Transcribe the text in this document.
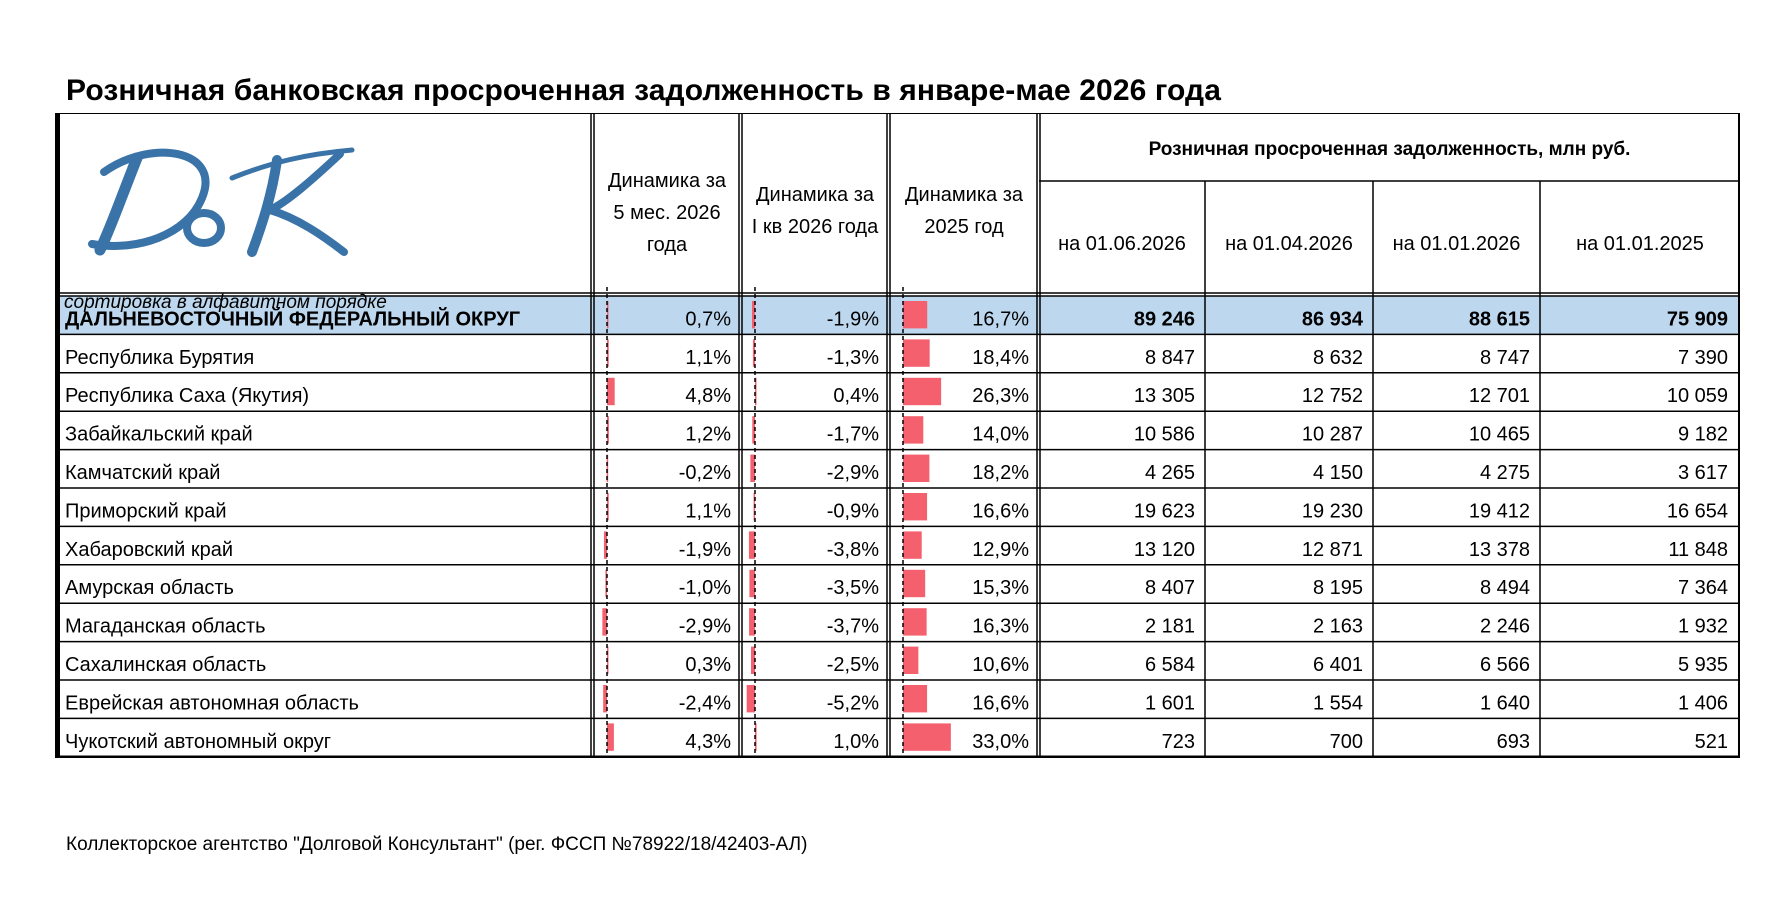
Розничная банковская просроченная задолженность в январе-мае 2026 года
Динамика за
5 мес. 2026
года
Динамика за
I кв 2026 года
Динамика за
2025 год
Розничная просроченная задолженность, млн руб.
на 01.06.2026 на 01.04.2026 на 01.01.2026	на 01.01.2025
ДАЛЬНЕВОСТОЧНЫЙ ФЕДЕРАЛЬНЫЙ ОКРУГ	0,7%	-1,9%	16,7%	89 246	86 934	88 615	75 909
Республика Бурятия	1,1%	-1,3%	18,4%	8 847	8 632	8 747	7 390
Республика Саха (Якутия)	4,8%	0,4%	26,3%	13 305	12 752	12 701	10 059
Забайкальский край	1,2%	-1,7%	14,0%	10 586	10 287	10 465	9 182
Камчатский край	-0,2%	-2,9%	18,2%	4 265	4 150	4 275	3 617
Приморский край	1,1%	-0,9%	16,6%	19 623	19 230	19 412	16 654
Хабаровский край	-1,9%	-3,8%	12,9%	13 120	12 871	13 378	11 848
Амурская область	-1,0%	-3,5%	15,3%	8 407	8 195	8 494	7 364
Магаданская область	-2,9%	-3,7%	16,3%	2 181	2 163	2 246	1 932
Сахалинская область	0,3%	-2,5%	10,6%	6 584	6 401	6 566	5 935
Еврейская автономная область	-2,4%	-5,2%	16,6%	1 601	1 554	1 640	1 406
Чукотский автономный округ	4,3%	1,0%	33,0%	723	700	693	521
сортировка в алфавитном порядке
Коллекторское агентство "Долговой Консультант" (рег. ФССП №78922/18/42403-АЛ)
